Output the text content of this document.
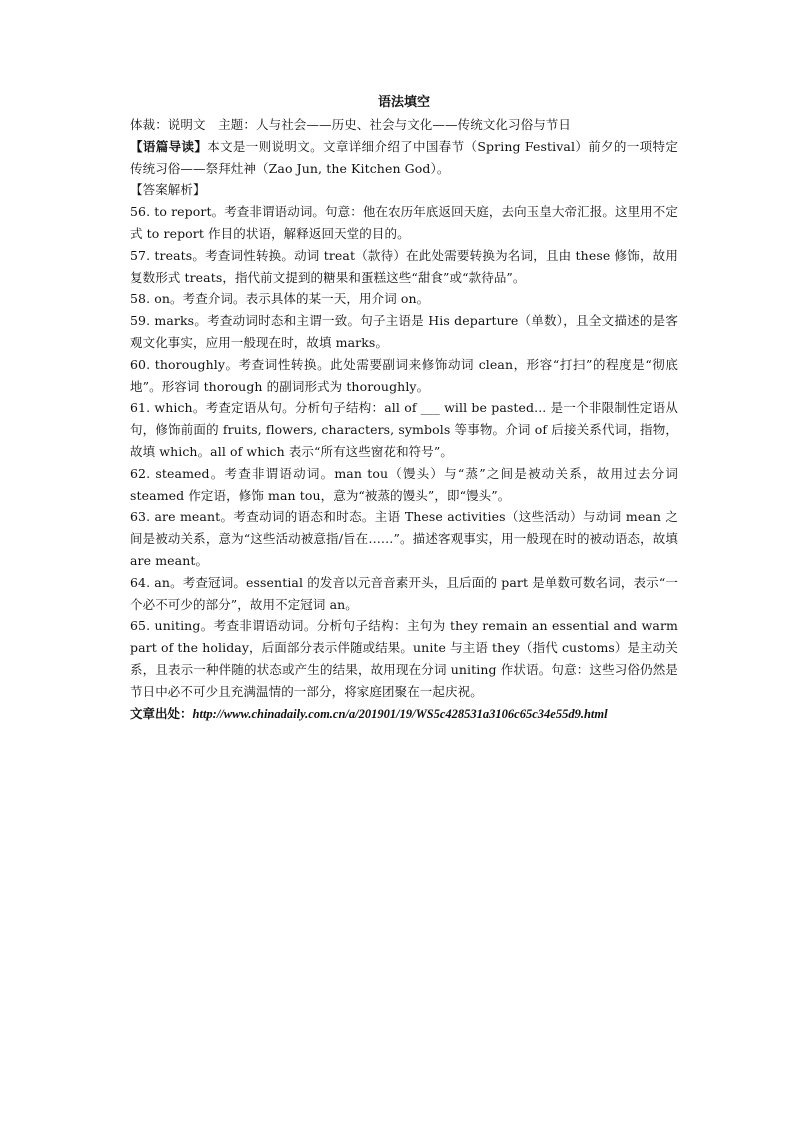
语法填空

体裁：说明文　主题：人与社会——历史、社会与文化——传统文化习俗与节日

【语篇导读】本文是一则说明文。文章详细介绍了中国春节（Spring Festival）前夕的一项特定传统习俗——祭拜灶神（Zao Jun, the Kitchen God）。

【答案解析】

56. to report。考查非谓语动词。句意：他在农历年底返回天庭，去向玉皇大帝汇报。这里用不定式 to report 作目的状语，解释返回天堂的目的。

57. treats。考查词性转换。动词 treat（款待）在此处需要转换为名词，且由 these 修饰，故用复数形式 treats，指代前文提到的糖果和蛋糕这些“甜食”或“款待品”。

58. on。考查介词。表示具体的某一天，用介词 on。

59. marks。考查动词时态和主谓一致。句子主语是 His departure（单数），且全文描述的是客观文化事实，应用一般现在时，故填 marks。

60. thoroughly。考查词性转换。此处需要副词来修饰动词 clean，形容“打扫”的程度是“彻底地”。形容词 thorough 的副词形式为 thoroughly。

61. which。考查定语从句。分析句子结构：all of ___ will be pasted... 是一个非限制性定语从句，修饰前面的 fruits, flowers, characters, symbols 等事物。介词 of 后接关系代词，指物，故填 which。all of which 表示“所有这些窗花和符号”。

62. steamed。考查非谓语动词。man tou（馒头）与“蒸”之间是被动关系，故用过去分词 steamed 作定语，修饰 man tou，意为“被蒸的馒头”，即“馒头”。

63. are meant。考查动词的语态和时态。主语 These activities（这些活动）与动词 mean 之间是被动关系，意为“这些活动被意指/旨在……”。描述客观事实，用一般现在时的被动语态，故填 are meant。

64. an。考查冠词。essential 的发音以元音音素开头，且后面的 part 是单数可数名词，表示“一个必不可少的部分”，故用不定冠词 an。

65. uniting。考查非谓语动词。分析句子结构：主句为 they remain an essential and warm part of the holiday，后面部分表示伴随或结果。unite 与主语 they（指代 customs）是主动关系，且表示一种伴随的状态或产生的结果，故用现在分词 uniting 作状语。句意：这些习俗仍然是节日中必不可少且充满温情的一部分，将家庭团聚在一起庆祝。

文章出处：http://www.chinadaily.com.cn/a/201901/19/WS5c428531a3106c65c34e55d9.html
